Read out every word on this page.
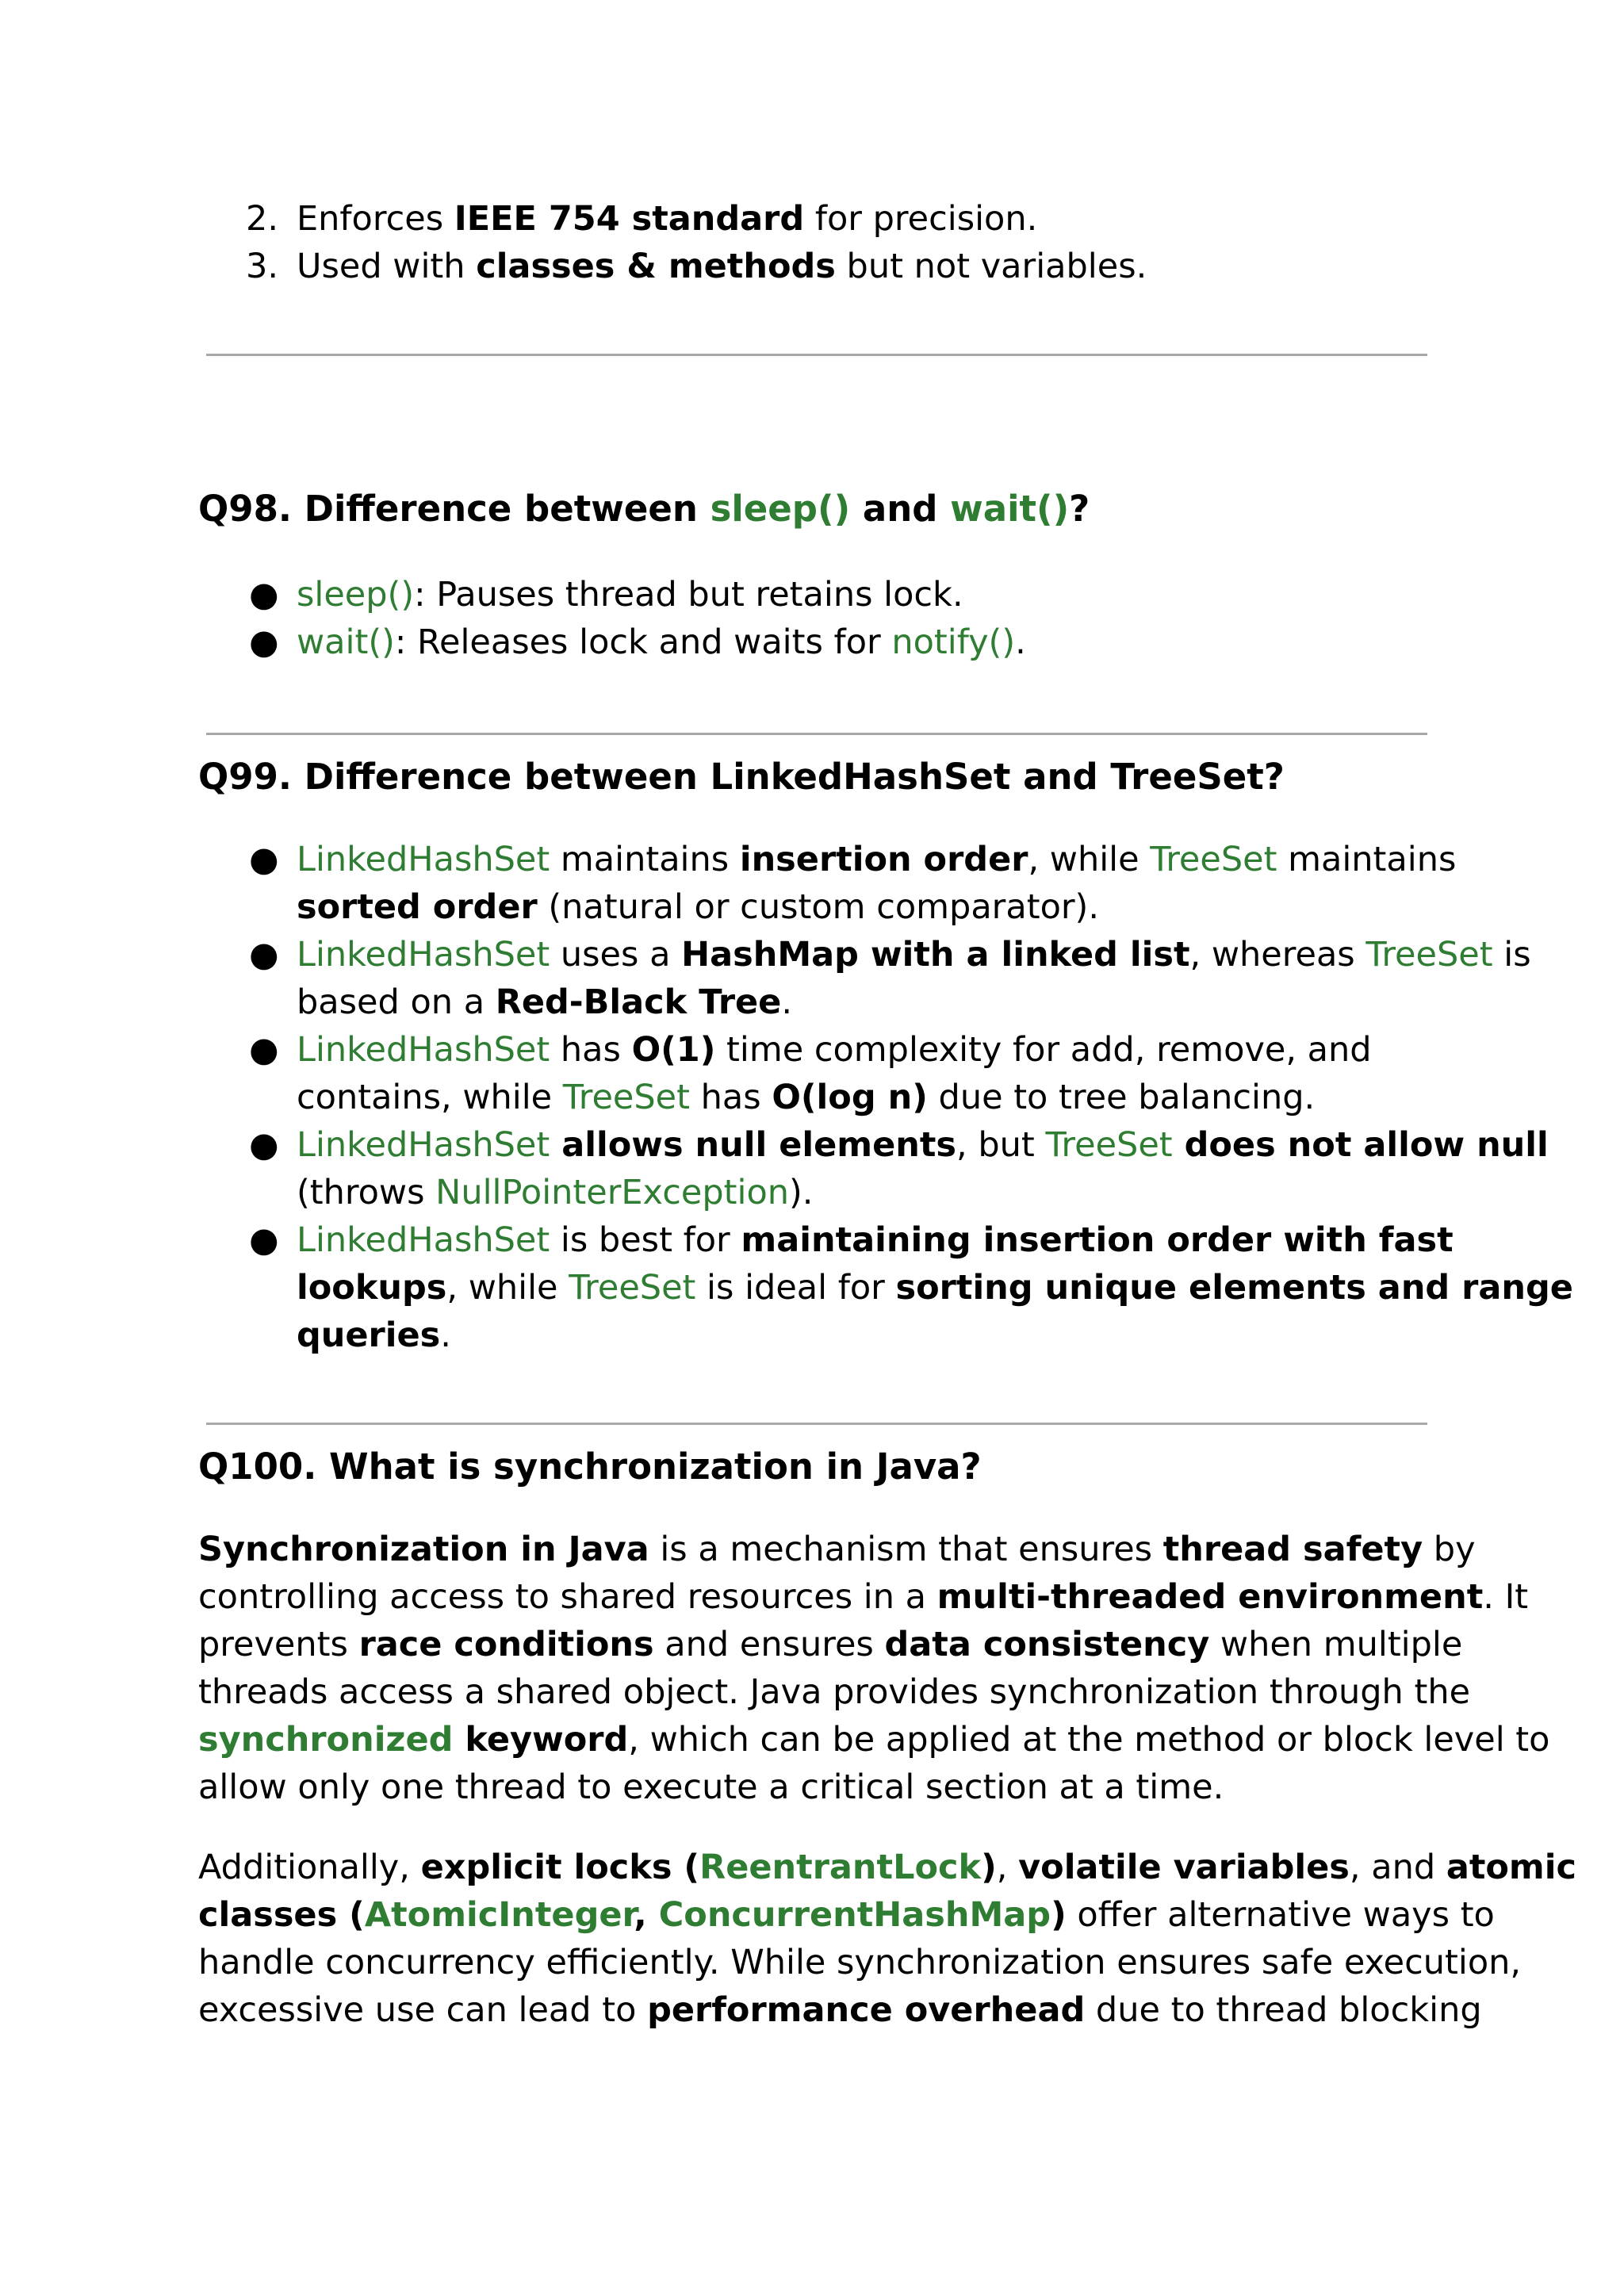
2. Enforces IEEE 754 standard for precision.
3. Used with classes & methods but not variables.
Q98. Difference between sleep() and wait()?
● sleep(): Pauses thread but retains lock.
● wait(): Releases lock and waits for notify().
Q99. Difference between LinkedHashSet and TreeSet?
● LinkedHashSet maintains insertion order, while TreeSet maintains
sorted order (natural or custom comparator).
● LinkedHashSet uses a HashMap with a linked list, whereas TreeSet is
based on a Red-Black Tree.
● LinkedHashSet has O(1) time complexity for add, remove, and
contains, while TreeSet has O(log n) due to tree balancing.
● LinkedHashSet allows null elements, but TreeSet does not allow null
(throws NullPointerException).
● LinkedHashSet is best for maintaining insertion order with fast
lookups, while TreeSet is ideal for sorting unique elements and range
queries.
Q100. What is synchronization in Java?
Synchronization in Java is a mechanism that ensures thread safety by
controlling access to shared resources in a multi-threaded environment. It
prevents race conditions and ensures data consistency when multiple
threads access a shared object. Java provides synchronization through the
synchronized keyword, which can be applied at the method or block level to
allow only one thread to execute a critical section at a time.
Additionally, explicit locks (ReentrantLock), volatile variables, and atomic
classes (AtomicInteger, ConcurrentHashMap) offer alternative ways to
handle concurrency efficiently. While synchronization ensures safe execution,
excessive use can lead to performance overhead due to thread blocking
